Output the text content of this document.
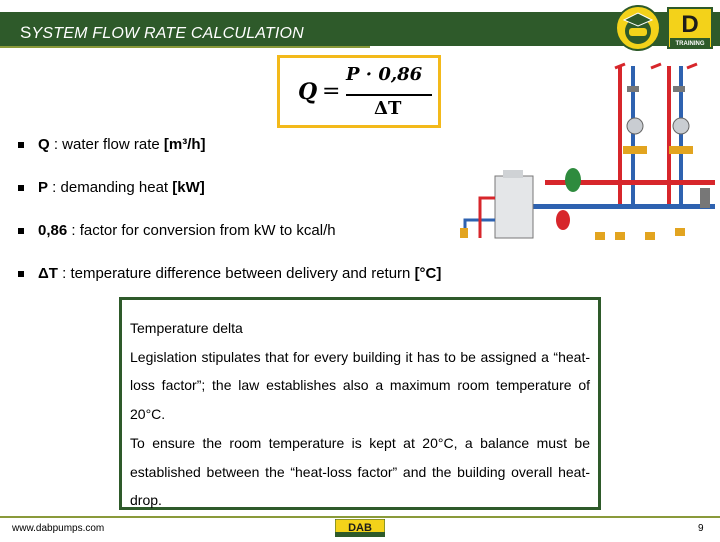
SYSTEM FLOW RATE CALCULATION	D
TRAINING
Q =
P · 0,86
ΔT
Q : water flow rate [m³/h]
P : demanding heat [kW]
0,86 : factor for conversion from kW to kcal/h
ΔT : temperature difference between delivery and return [°C]
Temperature delta
Legislation stipulates that for every building it has to be assigned a “heat-loss factor”; the law establishes also a maximum room temperature of 20°C.
To ensure the room temperature is kept at 20°C, a balance must be established between the “heat-loss factor” and the building overall heat-drop.
www.dabpumps.com	DAB	9
